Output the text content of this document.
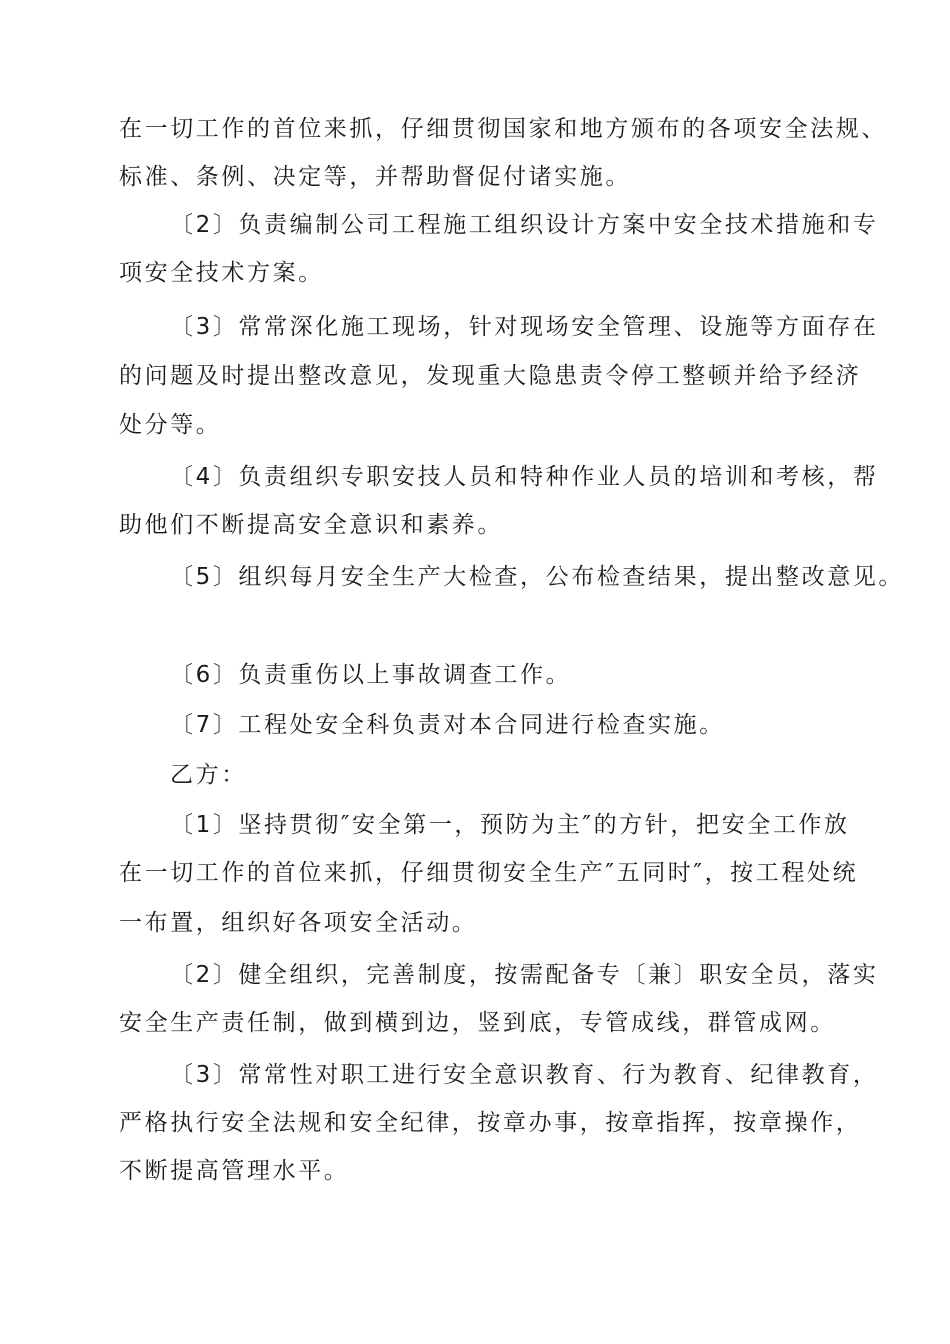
在一切工作的首位来抓，仔细贯彻国家和地方颁布的各项安全法规、
标准、条例、决定等，并帮助督促付诸实施。
〔2〕负责编制公司工程施工组织设计方案中安全技术措施和专
项安全技术方案。
〔3〕常常深化施工现场，针对现场安全管理、设施等方面存在
的问题及时提出整改意见，发现重大隐患责令停工整顿并给予经济
处分等。
〔4〕负责组织专职安技人员和特种作业人员的培训和考核，帮
助他们不断提高安全意识和素养。
〔5〕组织每月安全生产大检查，公布检查结果，提出整改意见。
〔6〕负责重伤以上事故调查工作。
〔7〕工程处安全科负责对本合同进行检查实施。
乙方：
〔1〕坚持贯彻″安全第一，预防为主″的方针，把安全工作放
在一切工作的首位来抓，仔细贯彻安全生产″五同时″，按工程处统
一布置，组织好各项安全活动。
〔2〕健全组织，完善制度，按需配备专〔兼〕职安全员，落实
安全生产责任制，做到横到边，竖到底，专管成线，群管成网。
〔3〕常常性对职工进行安全意识教育、行为教育、纪律教育，
严格执行安全法规和安全纪律，按章办事，按章指挥，按章操作，
不断提高管理水平。
